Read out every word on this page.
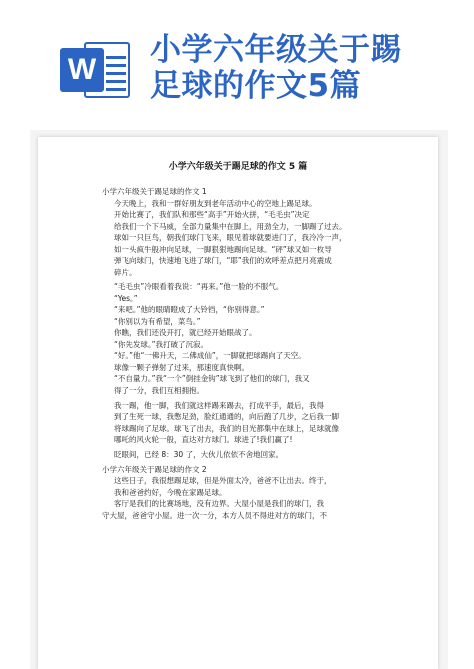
W
小学六年级关于踢
足球的作文5篇
小学六年级关于踢足球的作文 5 篇
小学六年级关于踢足球的作文 1
今天晚上，我和一群好朋友到老年活动中心的空地上踢足球。
开始比赛了，我们队和那些“高手”开始火拼，“毛毛虫”决定
给我们一个下马威，全部力量集中在脚上，用劲全力，一脚踢了过去。
球如一只巨鸟，朝我们球门飞来，眼见着球就要进门了，我冷冷一声，
如一头疯牛般冲向足球，一脚狠狠地踢向足球。“砰”球又如一枚导
弹飞向球门，快速地飞进了球门，“耶”我们的欢呼差点把月亮震成
碎片。
“毛毛虫”冷眼看着我说：“再来。”他一脸的不服气。
“Yes。”
“来吧。”他的眼睛瞪成了大铃铛，“你别得意。”
“你别以为有希望，菜鸟。”
你瞧，我们还没开打，就已经开始眼战了。
“你先发球。”我打破了沉寂。
“好。”他“一佛升天，二佛成仙”，一脚就把球踢向了天空。
球像一颗子弹射了过来，那速度真快啊。
“不自量力。”我“一个”倒挂金钩”球飞到了他们的球门，我又
得了一分，我们互相拥抱。
我一踢，他一脚，我们就这样踢来踢去，打成平手，最后，我得
到了生死一球，我憋足劲，脸红通通的，向后跑了几步，之后我一脚
将球踢向了足球。球飞了出去，我们的目光都集中在球上，足球就像
哪吒的风火轮一般，直达对方球门。球进了!我们赢了!
眨眼间，已经 8：30 了，大伙儿依依不舍地回家。
小学六年级关于踢足球的作文 2
这些日子，我很想踢足球，但是外面太冷，爸爸不让出去。终于，
我和爸爸约好，今晚在家踢足球。
客厅是我们的比赛场地，没有边界。大屋小屋是我们的球门，我
守大屋，爸爸守小屋。进一次一分，本方人员不得进对方的球门，不
